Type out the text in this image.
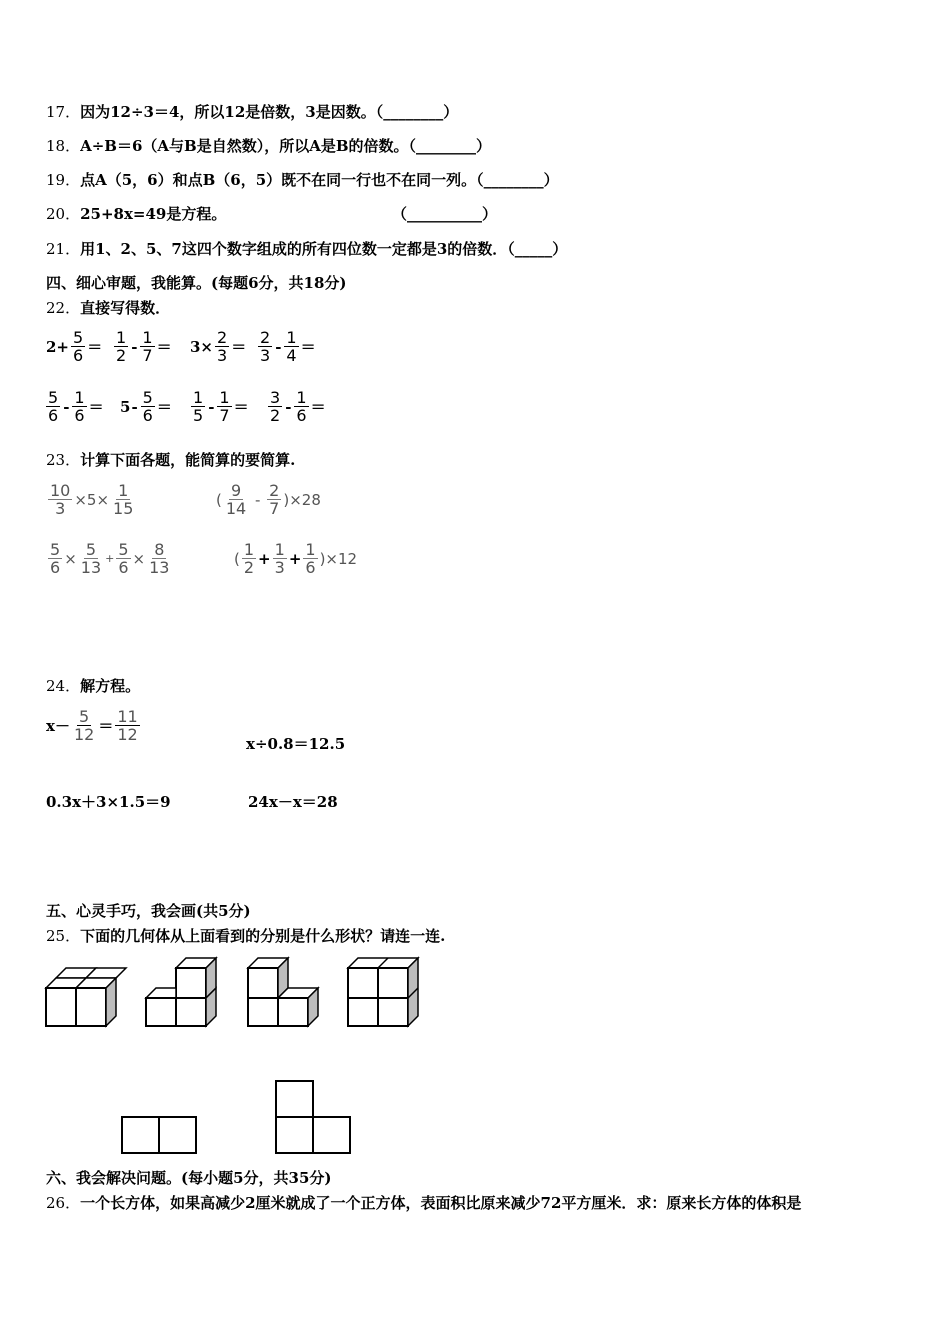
17．因为12÷3＝4，所以12是倍数，3是因数。（________）
18．A÷B＝6（A与B是自然数），所以A是B的倍数。（________）
19．点A（5，6）和点B（6，5）既不在同一行也不在同一列。（________）
20．25+8x=49是方程。	（__________）
21．用1、2、5、7这四个数字组成的所有四位数一定都是3的倍数．（_____）
四、细心审题，我能算。(每题6分，共18分)
22．直接写得数．
$2+ \frac{5}{6} = \frac{1}{2} - \frac{1}{7} = 3\times \frac{2}{3} = \frac{2}{3} - \frac{1}{4}$ ＝
$\frac{5}{6} - \frac{1}{6} = 5 - \frac{5}{6} = \frac{1}{5} - \frac{1}{7} = \frac{3}{2} - \frac{1}{6}$ ＝
23．计算下面各题，能简算的要简算.
$\frac{10}{3} \times 5\times \frac{1}{15}$	( $\frac{9}{14} - \frac{2}{7} )\times 28$
$\frac{5}{6} \times \frac{5}{13} + \frac{5}{6} \times \frac{8}{13}$	( $\frac{1}{2} + \frac{1}{3} + \frac{1}{6} )\times 12$
24．解方程。
$x- \frac{5}{12} = \frac{11}{12}$
x÷0.8＝12.5
0.3x＋3×1.5＝9	24x－x＝28
五、心灵手巧，我会画(共5分)
25．下面的几何体从上面看到的分别是什么形状？请连一连.
六、我会解决问题。(每小题5分，共35分)
26．一个长方体，如果高减少2厘米就成了一个正方体，表面积比原来减少72平方厘米．求：原来长方体的体积是
